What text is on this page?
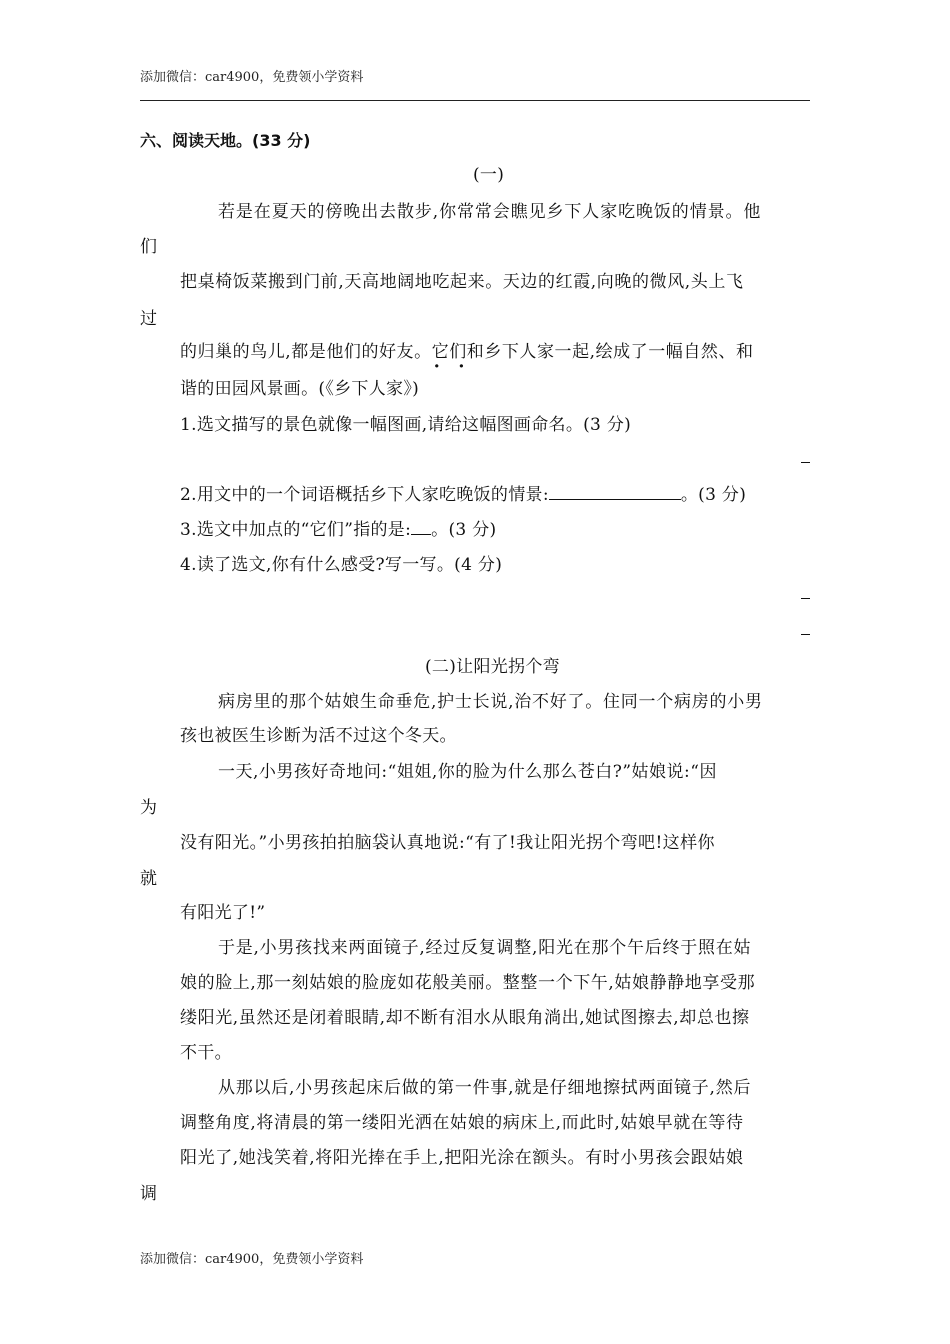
添加微信：car4900，免费领小学资料
六、阅读天地。(33 分)
(一)
若是在夏天的傍晚出去散步,你常常会瞧见乡下人家吃晚饭的情景。他
们
把桌椅饭菜搬到门前,天高地阔地吃起来。天边的红霞,向晚的微风,头上飞
过
的归巢的鸟儿,都是他们的好友。它们 · ·和乡下人家一起,绘成了一幅自然、和
谐的田园风景画。(《乡下人家》)
1.选文描写的景色就像一幅图画,请给这幅图画命名。(3 分)
2.用文中的一个词语概括乡下人家吃晚饭的情景:	。(3 分)
3.选文中加点的“它们”指的是: 。(3 分)
4.读了选文,你有什么感受?写一写。(4 分)
(二)让阳光拐个弯
病房里的那个姑娘生命垂危,护士长说,治不好了。住同一个病房的小男
孩也被医生诊断为活不过这个冬天。
一天,小男孩好奇地问:“姐姐,你的脸为什么那么苍白?”姑娘说:“因
为
没有阳光。”小男孩拍拍脑袋认真地说:“有了!我让阳光拐个弯吧!这样你
就
有阳光了!”
于是,小男孩找来两面镜子,经过反复调整,阳光在那个午后终于照在姑
娘的脸上,那一刻姑娘的脸庞如花般美丽。整整一个下午,姑娘静静地享受那
缕阳光,虽然还是闭着眼睛,却不断有泪水从眼角淌出,她试图擦去,却总也擦
不干。
从那以后,小男孩起床后做的第一件事,就是仔细地擦拭两面镜子,然后
调整角度,将清晨的第一缕阳光洒在姑娘的病床上,而此时,姑娘早就在等待
阳光了,她浅笑着,将阳光捧在手上,把阳光涂在额头。有时小男孩会跟姑娘
调
添加微信：car4900，免费领小学资料
